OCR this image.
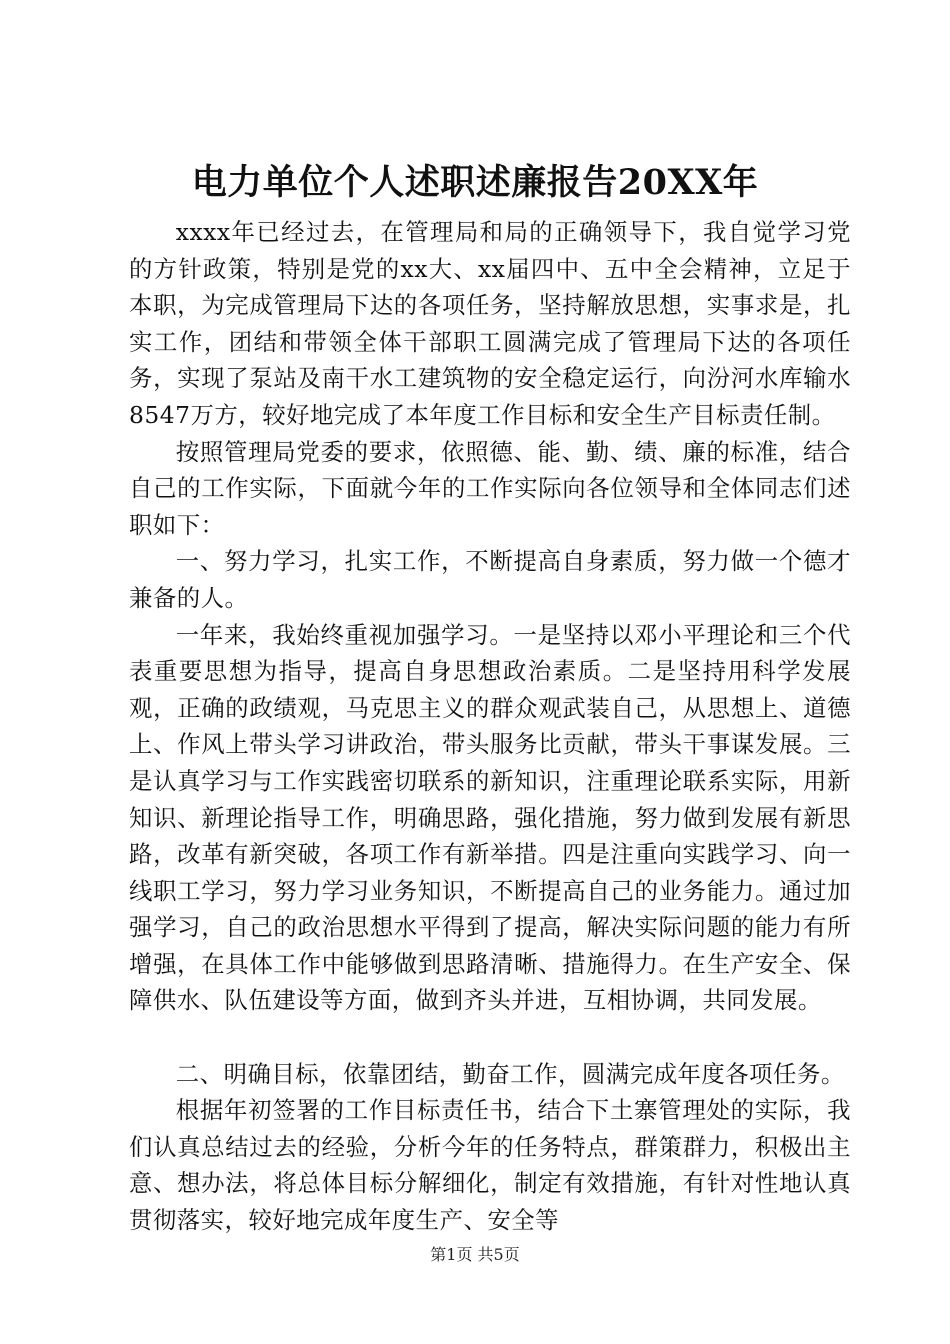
电力单位个人述职述廉报告20XX年

xxxx年已经过去，在管理局和局的正确领导下，我自觉学习党的方针政策，特别是党的xx大、xx届四中、五中全会精神，立足于本职，为完成管理局下达的各项任务，坚持解放思想，实事求是，扎实工作，团结和带领全体干部职工圆满完成了管理局下达的各项任务，实现了泵站及南干水工建筑物的安全稳定运行，向汾河水库输水8547万方，较好地完成了本年度工作目标和安全生产目标责任制。

按照管理局党委的要求，依照德、能、勤、绩、廉的标准，结合自己的工作实际，下面就今年的工作实际向各位领导和全体同志们述职如下：

一、努力学习，扎实工作，不断提高自身素质，努力做一个德才兼备的人。

一年来，我始终重视加强学习。一是坚持以邓小平理论和三个代表重要思想为指导，提高自身思想政治素质。二是坚持用科学发展观，正确的政绩观，马克思主义的群众观武装自己，从思想上、道德上、作风上带头学习讲政治，带头服务比贡献，带头干事谋发展。三是认真学习与工作实践密切联系的新知识，注重理论联系实际，用新知识、新理论指导工作，明确思路，强化措施，努力做到发展有新思路，改革有新突破，各项工作有新举措。四是注重向实践学习、向一线职工学习，努力学习业务知识，不断提高自己的业务能力。通过加强学习，自己的政治思想水平得到了提高，解决实际问题的能力有所增强，在具体工作中能够做到思路清晰、措施得力。在生产安全、保障供水、队伍建设等方面，做到齐头并进，互相协调，共同发展。

二、明确目标，依靠团结，勤奋工作，圆满完成年度各项任务。

根据年初签署的工作目标责任书，结合下土寨管理处的实际，我们认真总结过去的经验，分析今年的任务特点，群策群力，积极出主意、想办法，将总体目标分解细化，制定有效措施，有针对性地认真贯彻落实，较好地完成年度生产、安全等

第1页 共5页
